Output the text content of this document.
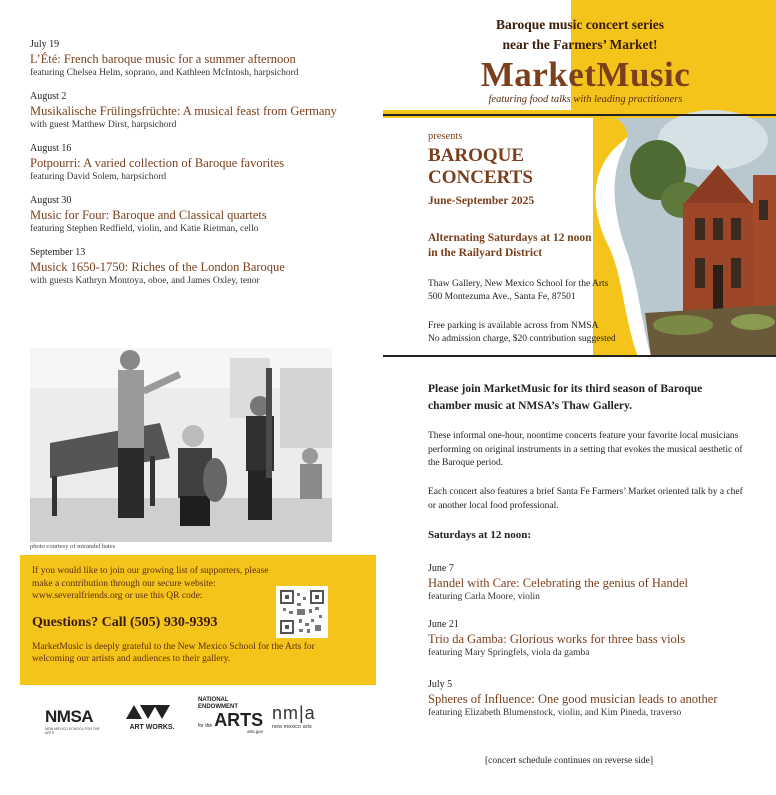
July 19
L’Été: French baroque music for a summer afternoon
featuring Chelsea Helm, soprano, and Kathleen McIntosh, harpsichord
August 2
Musikalische Frülingsfrüchte: A musical feast from Germany
with guest Matthew Dirst, harpsichord
August 16
Potpourri: A varied collection of Baroque favorites
featuring David Solem, harpsichord
August 30
Music for Four: Baroque and Classical quartets
featuring Stephen Redfield, violin, and Katie Rietman, cello
September 13
Musick 1650-1750: Riches of the London Baroque
with guests Kathryn Montoya, oboe, and James Oxley, tenor
photo courtesy of mirandel bates
If you would like to join our growing list of supporters, please make a contribution through our secure website: www.severalfriends.org or use this QR code:
Questions? Call (505) 930-9393
MarketMusic is deeply grateful to the New Mexico School for the Arts for welcoming our artists and audiences to their gallery.
NMSA
NEW MEXICO SCHOOL FOR THE ARTS
ART WORKS.
NATIONAL
ENDOWMENT
for the ARTS
arts.gov
nm|a
new mexico arts
Baroque music concert series
near the Farmers’ Market!
MarketMusic
featuring food talks with leading practitioners
presents
BAROQUE
CONCERTS
June-September 2025
Alternating Saturdays at 12 noon
in the Railyard District
Thaw Gallery, New Mexico School for the Arts
500 Montezuma Ave., Santa Fe, 87501
Free parking is available across from NMSA
No admission charge, $20 contribution suggested
Please join MarketMusic for its third season of Baroque chamber music at NMSA’s Thaw Gallery.
These informal one-hour, noontime concerts feature your favorite local musicians performing on original instruments in a setting that evokes the musical aesthetic of the Baroque period.
Each concert also features a brief Santa Fe Farmers’ Market oriented talk by a chef or another local food professional.
Saturdays at 12 noon:
June 7
Handel with Care: Celebrating the genius of Handel
featuring Carla Moore, violin
June 21
Trio da Gamba: Glorious works for three bass viols
featuring Mary Springfels, viola da gamba
July 5
Spheres of Influence: One good musician leads to another
featuring Elizabeth Blumenstock, violin, and Kim Pineda, traverso
[concert schedule continues on reverse side]
